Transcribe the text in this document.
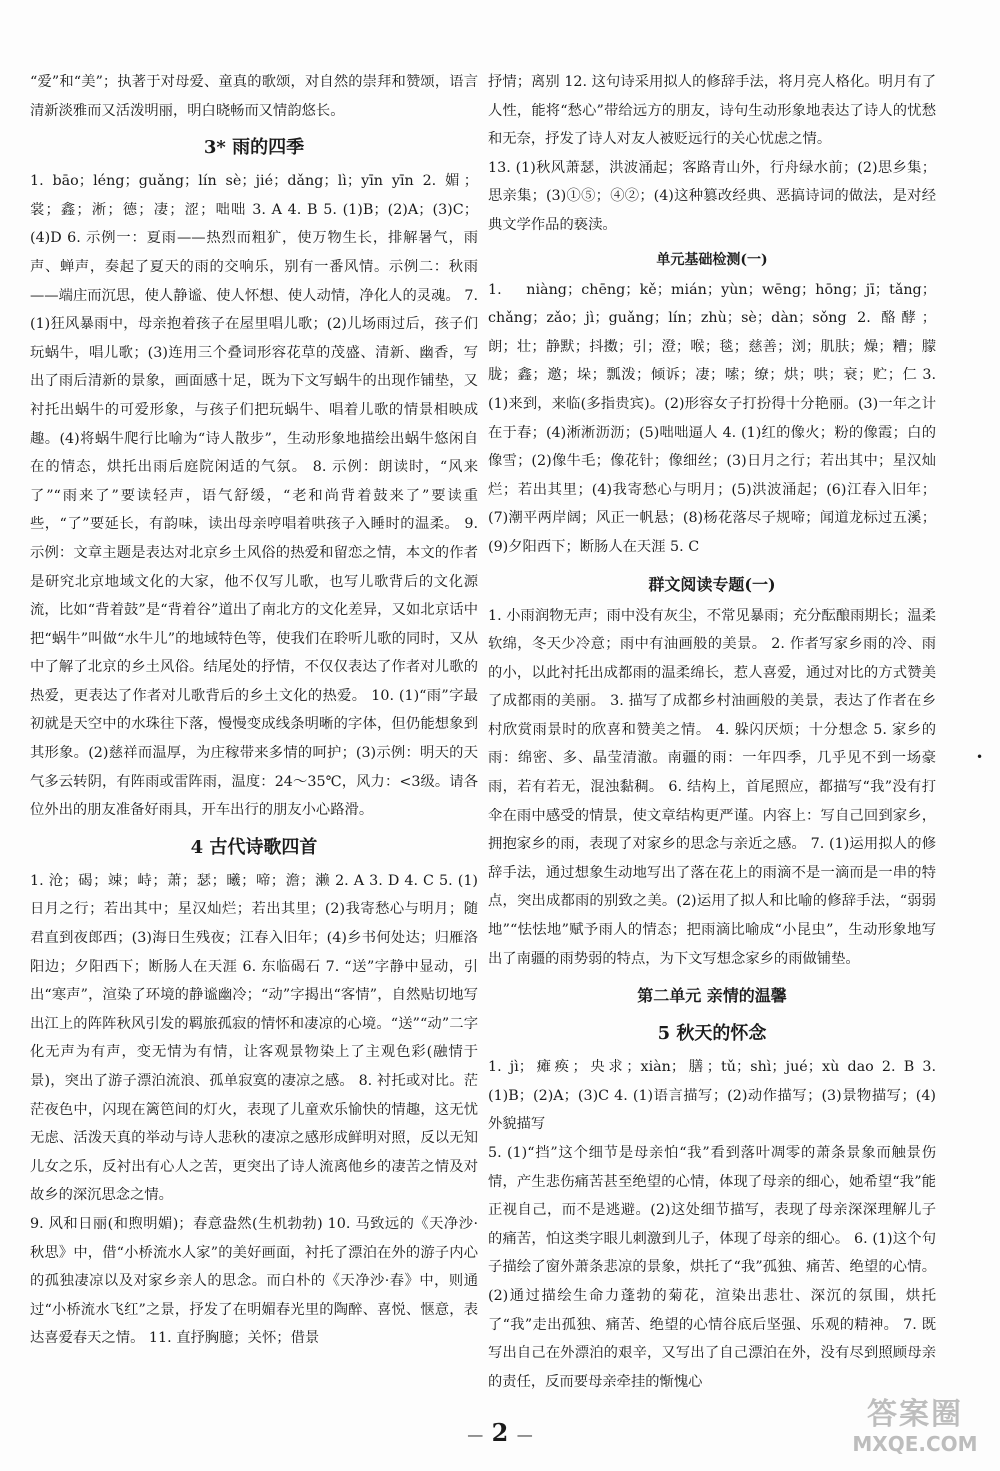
“爱”和“美”；执著于对母爱、童真的歌颂，对自然的崇拜和赞颂，语言清新淡雅而又活泼明丽，明白晓畅而又情韵悠长。

3* 雨的四季

1. bāo；léng；guǎng；lín sè；jié；dǎng；lì；yīn yīn 2. 媚；裳；鑫；淅；德；凄；涩；咄咄 3. A 4. B 5. (1)B；(2)A；(3)C；(4)D 6. 示例一：夏雨——热烈而粗犷，使万物生长，排解暑气，雨声、蝉声，奏起了夏天的雨的交响乐，别有一番风情。示例二：秋雨——端庄而沉思，使人静谧、使人怀想、使人动情，净化人的灵魂。 7. (1)狂风暴雨中，母亲抱着孩子在屋里唱儿歌；(2)儿场雨过后，孩子们玩蜗牛，唱儿歌；(3)连用三个叠词形容花草的茂盛、清新、幽香，写出了雨后清新的景象，画面感十足，既为下文写蜗牛的出现作铺垫，又衬托出蜗牛的可爱形象，与孩子们把玩蜗牛、唱着儿歌的情景相映成趣。(4)将蜗牛爬行比喻为“诗人散步”，生动形象地描绘出蜗牛悠闲自在的情态，烘托出雨后庭院闲适的气氛。 8. 示例：朗读时，“风来了”“雨来了”要读轻声，语气舒缓，“老和尚背着鼓来了”要读重些，“了”要延长，有韵味，读出母亲哼唱着哄孩子入睡时的温柔。 9. 示例：文章主题是表达对北京乡土风俗的热爱和留恋之情，本文的作者是研究北京地域文化的大家，他不仅写儿歌，也写儿歌背后的文化源流，比如“背着鼓”是“背着谷”道出了南北方的文化差异，又如北京话中把“蜗牛”叫做“水牛儿”的地域特色等，使我们在聆听儿歌的同时，又从中了解了北京的乡土风俗。结尾处的抒情，不仅仅表达了作者对儿歌的热爱，更表达了作者对儿歌背后的乡土文化的热爱。 10. (1)“雨”字最初就是天空中的水珠往下落，慢慢变成线条明晰的字体，但仍能想象到其形象。(2)慈祥而温厚，为庄稼带来多情的呵护；(3)示例：明天的天气多云转阴，有阵雨或雷阵雨，温度：24～35℃，风力：<3级。请各位外出的朋友准备好雨具，开车出行的朋友小心路滑。

4 古代诗歌四首

1. 沧；碣；竦；峙；萧；瑟；曦；啼；澹；濑 2. A 3. D 4. C 5. (1)日月之行；若出其中；星汉灿烂；若出其里；(2)我寄愁心与明月；随君直到夜郎西；(3)海日生残夜；江春入旧年；(4)乡书何处达；归雁洛阳边；夕阳西下；断肠人在天涯 6. 东临碣石 7. “送”字静中显动，引出“寒声”，渲染了环境的静谧幽冷；“动”字揭出“客情”，自然贴切地写出江上的阵阵秋风引发的羁旅孤寂的情怀和凄凉的心境。“送”“动”二字化无声为有声，变无情为有情，让客观景物染上了主观色彩(融情于景)，突出了游子漂泊流浪、孤单寂寞的凄凉之感。 8. 衬托或对比。茫茫夜色中，闪现在篱笆间的灯火，表现了儿童欢乐愉快的情趣，这无忧无虑、活泼天真的举动与诗人悲秋的凄凉之感形成鲜明对照，反以无知儿女之乐，反衬出有心人之苦，更突出了诗人流离他乡的凄苦之情及对故乡的深沉思念之情。

9. 风和日丽(和煦明媚)；春意盎然(生机勃勃) 10. 马致远的《天净沙·秋思》中，借“小桥流水人家”的美好画面，衬托了漂泊在外的游子内心的孤独凄凉以及对家乡亲人的思念。而白朴的《天净沙·春》中，则通过“小桥流水飞红”之景，抒发了在明媚春光里的陶醉、喜悦、惬意，表达喜爱春天之情。 11. 直抒胸臆；关怀；借景

抒情；离别 12. 这句诗采用拟人的修辞手法，将月亮人格化。明月有了人性，能将“愁心”带给远方的朋友，诗句生动形象地表达了诗人的忧愁和无奈，抒发了诗人对友人被贬远行的关心忧虑之情。

13. (1)秋风萧瑟，洪波涌起；客路青山外，行舟绿水前；(2)思乡集；思亲集；(3)①⑤；④②；(4)这种篡改经典、恶搞诗词的做法，是对经典文学作品的亵渎。

单元基础检测(一)

1. niàng；chēng；kě；mián；yùn；wēng；hōng；jī；tǎng；chǎng；zǎo；jì；guǎng；lín；zhù；sè；dàn；sǒng 2. 酪酵；朗；壮；静默；抖擞；引；澄；喉；毯；慈善；浏；肌肤；燥；糟；朦胧；鑫；邀；垛；瓢泼；倾诉；凄；嗦；缭；烘；哄；衰；贮；仁 3. (1)来到，来临(多指贵宾)。(2)形容女子打扮得十分艳丽。(3)一年之计在于春；(4)淅淅沥沥；(5)咄咄逼人 4. (1)红的像火；粉的像霞；白的像雪；(2)像牛毛；像花针；像细丝；(3)日月之行；若出其中；星汉灿烂；若出其里；(4)我寄愁心与明月；(5)洪波涌起；(6)江春入旧年；(7)潮平两岸阔；风正一帆悬；(8)杨花落尽子规啼；闻道龙标过五溪；(9)夕阳西下；断肠人在天涯 5. C

群文阅读专题(一)

1. 小雨润物无声；雨中没有灰尘，不常见暴雨；充分酝酿雨期长；温柔软绵，冬天少冷意；雨中有油画般的美景。 2. 作者写家乡雨的冷、雨的小，以此衬托出成都雨的温柔绵长，惹人喜爱，通过对比的方式赞美了成都雨的美丽。 3. 描写了成都乡村油画般的美景，表达了作者在乡村欣赏雨景时的欣喜和赞美之情。 4. 躲闪厌烦；十分想念 5. 家乡的雨：绵密、多、晶莹清澈。南疆的雨：一年四季，几乎见不到一场豪雨，若有若无，混浊黏稠。 6. 结构上，首尾照应，都描写“我”没有打伞在雨中感受的情景，使文章结构更严谨。内容上：写自己回到家乡，拥抱家乡的雨，表现了对家乡的思念与亲近之感。 7. (1)运用拟人的修辞手法，通过想象生动地写出了落在花上的雨滴不是一滴而是一串的特点，突出成都雨的别致之美。(2)运用了拟人和比喻的修辞手法，“弱弱地”“怯怯地”赋予雨人的情态；把雨滴比喻成“小昆虫”，生动形象地写出了南疆的雨势弱的特点，为下文写想念家乡的雨做铺垫。

第二单元 亲情的温馨

5 秋天的怀念

1. jì；瘫痪；央求；xiàn；膳；tǔ；shì；jué；xù dao 2. B 3. (1)B；(2)A；(3)C 4. (1)语言描写；(2)动作描写；(3)景物描写；(4)外貌描写

5. (1)“挡”这个细节是母亲怕“我”看到落叶凋零的萧条景象而触景伤情，产生悲伤痛苦甚至绝望的心情，体现了母亲的细心，她希望“我”能正视自己，而不是逃避。(2)这处细节描写，表现了母亲深深理解儿子的痛苦，怕这类字眼儿刺激到儿子，体现了母亲的细心。 6. (1)这个句子描绘了窗外萧条悲凉的景象，烘托了“我”孤独、痛苦、绝望的心情。(2)通过描绘生命力蓬勃的菊花，渲染出悲壮、深沉的氛围，烘托了“我”走出孤独、痛苦、绝望的心情谷底后坚强、乐观的精神。 7. 既写出自己在外漂泊的艰辛，又写出了自己漂泊在外，没有尽到照顾母亲的责任，反而要母亲牵挂的惭愧心

•
— 2 —
答案圈
MXQE.COM
